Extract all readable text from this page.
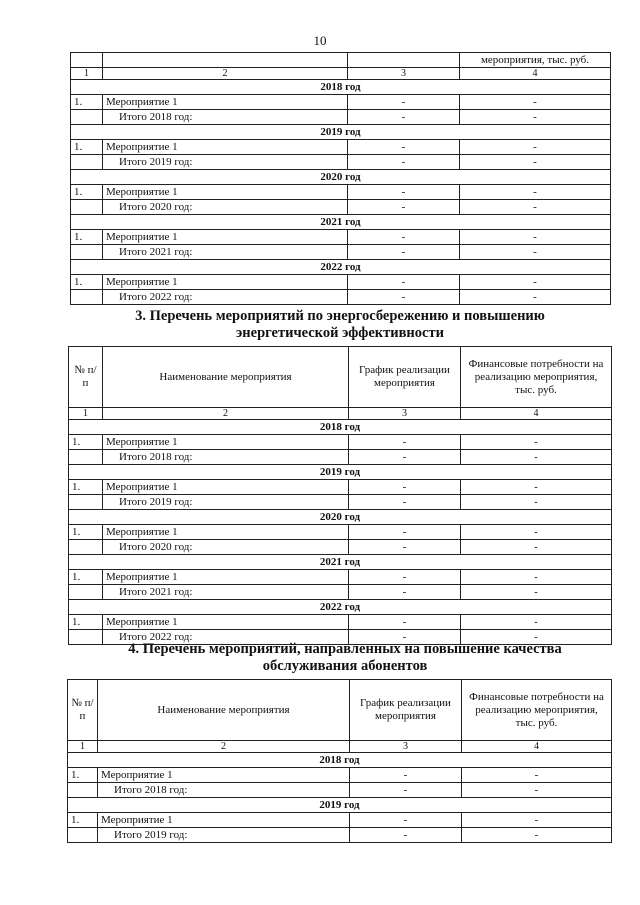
10
			мероприятия, тыс. руб.
1	2	3	4
2018 год			
1.	Мероприятие 1	-	-
	Итого 2018 год:	-	-
2019 год			
1.	Мероприятие 1	-	-
	Итого 2019 год:	-	-
2020 год			
1.	Мероприятие 1	-	-
	Итого 2020 год:	-	-
2021 год			
1.	Мероприятие 1	-	-
	Итого 2021 год:	-	-
2022 год			
1.	Мероприятие 1	-	-
	Итого 2022 год:	-	-
3. Перечень мероприятий по энергосбережению и повышению энергетической эффективности
№ п/п	Наименование мероприятия	График реализации мероприятия	Финансовые потребности на реализацию мероприятия, тыс. руб.
1	2	3	4
2018 год			
1.	Мероприятие 1	-	-
	Итого 2018 год:	-	-
2019 год			
1.	Мероприятие 1	-	-
	Итого 2019 год:	-	-
2020 год			
1.	Мероприятие 1	-	-
	Итого 2020 год:	-	-
2021 год			
1.	Мероприятие 1	-	-
	Итого 2021 год:	-	-
2022 год			
1.	Мероприятие 1	-	-
	Итого 2022 год:	-	-
4. Перечень мероприятий, направленных на повышение качества обслуживания абонентов
№ п/п	Наименование мероприятия	График реализации мероприятия	Финансовые потребности на реализацию мероприятия, тыс. руб.
1	2	3	4
2018 год			
1.	Мероприятие 1	-	-
	Итого 2018 год:	-	-
2019 год			
1.	Мероприятие 1	-	-
	Итого 2019 год:	-	-
